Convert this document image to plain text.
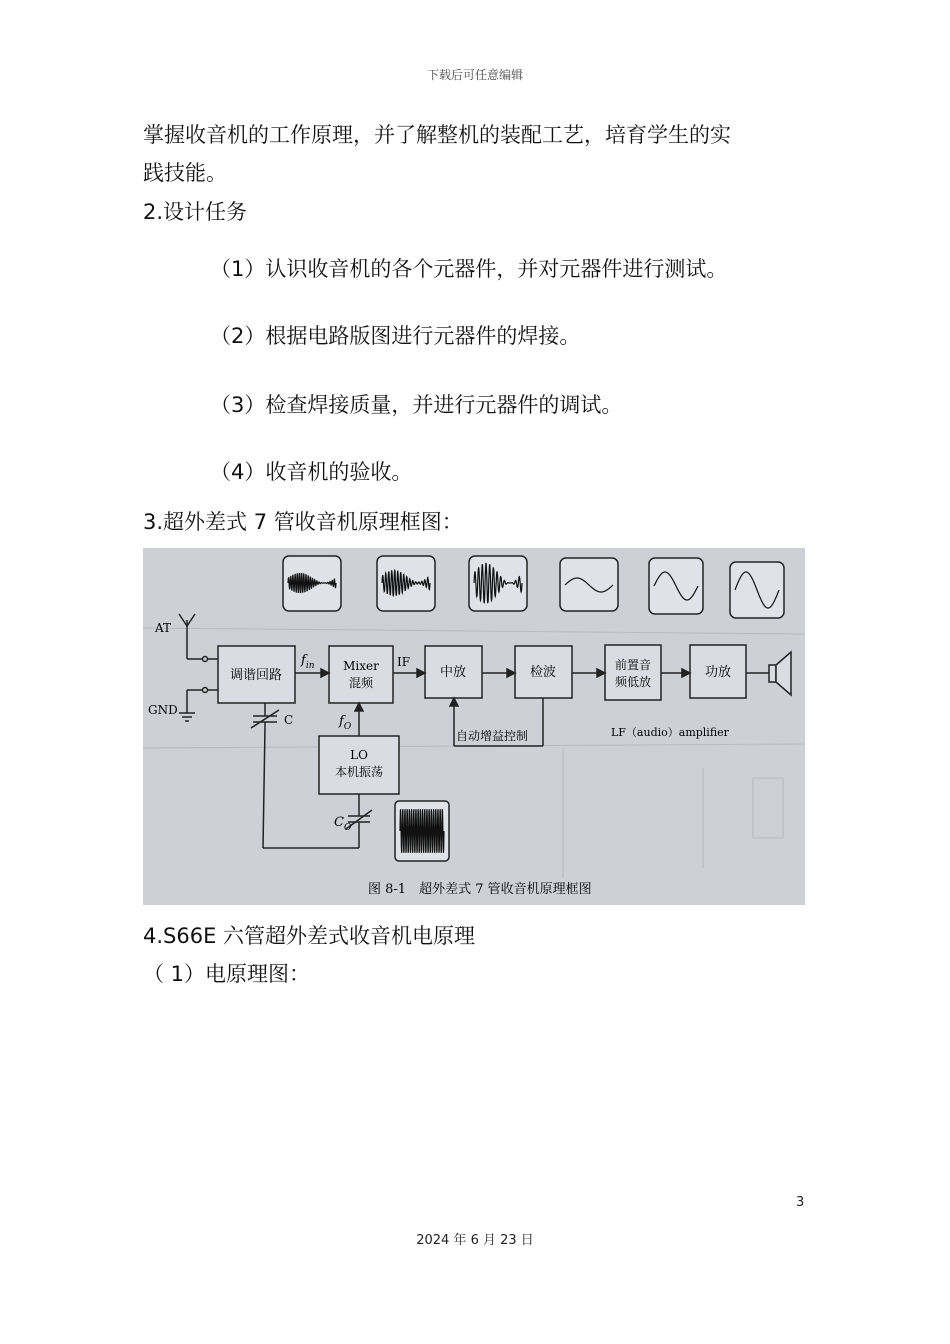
下载后可任意编辑
掌握收音机的工作原理，并了解整机的装配工艺，培育学生的实
践技能。
2.设计任务
（1）认识收音机的各个元器件，并对元器件进行测试。
（2）根据电路版图进行元器件的焊接。
（3）检查焊接质量，并进行元器件的调试。
（4）收音机的验收。
3.超外差式 7 管收音机原理框图：
AT
GND
自动增益控制
C
$C_O$
调谐回路
Mixer
混频
中放	检波	前置音
频低放
功放
LO
本机振荡
$f_{in}$	IF
$f_O$	LF（audio）amplifier
图 8-1　超外差式 7 管收音机原理框图
4.S66E 六管超外差式收音机电原理
（ 1）电原理图：
3
2024 年 6 月 23 日
